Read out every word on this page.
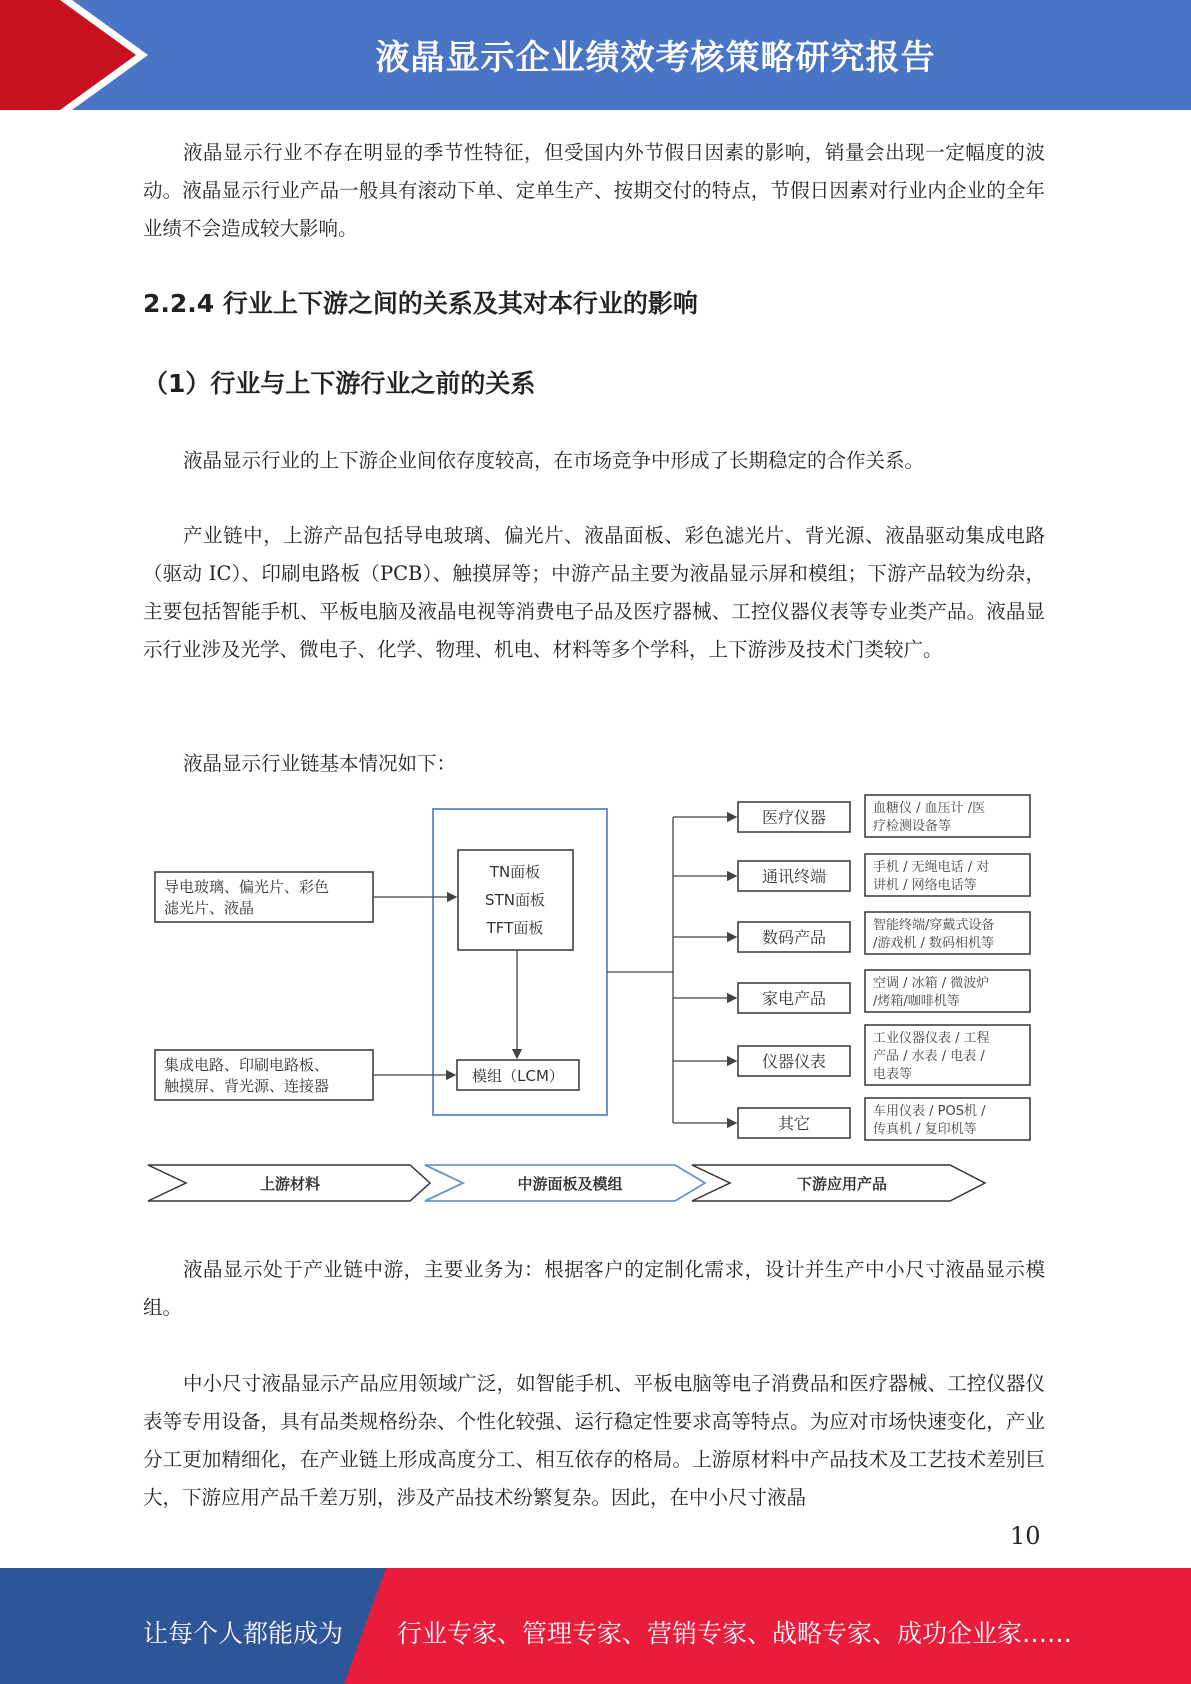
液晶显示企业绩效考核策略研究报告

液晶显示行业不存在明显的季节性特征，但受国内外节假日因素的影响，销量会出现一定幅度的波动。液晶显示行业产品一般具有滚动下单、定单生产、按期交付的特点，节假日因素对行业内企业的全年业绩不会造成较大影响。

2.2.4 行业上下游之间的关系及其对本行业的影响
（1）行业与上下游行业之前的关系

液晶显示行业的上下游企业间依存度较高，在市场竞争中形成了长期稳定的合作关系。

产业链中，上游产品包括导电玻璃、偏光片、液晶面板、彩色滤光片、背光源、液晶驱动集成电路（驱动 IC）、印刷电路板（PCB）、触摸屏等；中游产品主要为液晶显示屏和模组；下游产品较为纷杂，主要包括智能手机、平板电脑及液晶电视等消费电子品及医疗器械、工控仪器仪表等专业类产品。液晶显示行业涉及光学、微电子、化学、物理、机电、材料等多个学科，上下游涉及技术门类较广。

液晶显示行业链基本情况如下：

导电玻璃、偏光片、彩色
滤光片、液晶
集成电路、印刷电路板、
触摸屏、背光源、连接器
TN面板
STN面板
TFT面板
模组（LCM）
医疗仪器	血糖仪 / 血压计 /医
疗检测设备等
通讯终端	手机 / 无绳电话 / 对
讲机 / 网络电话等
数码产品
智能终端/穿戴式设备
/游戏机 / 数码相机等
家电产品
空调 / 冰箱 / 微波炉
/烤箱/咖啡机等
仪器仪表
工业仪器仪表 / 工程
产品 / 水表 / 电表 /
电表等
其它
车用仪表 / POS机 /
传真机 / 复印机等
上游材料	中游面板及模组	下游应用产品

液晶显示处于产业链中游，主要业务为：根据客户的定制化需求，设计并生产中小尺寸液晶显示模组。

中小尺寸液晶显示产品应用领域广泛，如智能手机、平板电脑等电子消费品和医疗器械、工控仪器仪表等专用设备，具有品类规格纷杂、个性化较强、运行稳定性要求高等特点。为应对市场快速变化，产业分工更加精细化，在产业链上形成高度分工、相互依存的格局。上游原材料中产品技术及工艺技术差别巨大，下游应用产品千差万别，涉及产品技术纷繁复杂。因此，在中小尺寸液晶

10
让每个人都能成为 行业专家、管理专家、营销专家、战略专家、成功企业家……
